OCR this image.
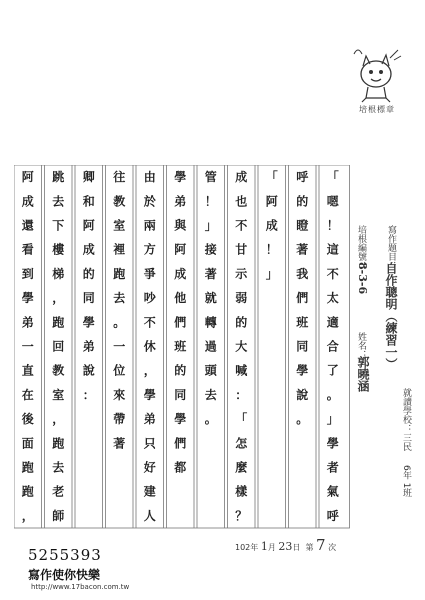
培根標章
「
嗯
！
這
不
太
適
合
了
。
」
學
者
氣
呼
呼
的
瞪
著
我
們
班
同
學
說
。
「
阿
成
！
」
成
也
不
甘
示
弱
的
大
喊
：
「
怎
麼
樣
？
管
！
」
接
著
就
轉
過
頭
去
。
學
弟
與
阿
成
他
們
班
的
同
學
們
都
由
於
兩
方
爭
吵
不
休
，
學
弟
只
好
建
人
往
教
室
裡
跑
去
。
一
位
來
帶
著
卿
和
阿
成
的
同
學
弟
說
：
跳
去
下
樓
梯
，
跑
回
教
室
，
跑
去
老
師
阿
成
還
看
到
學
弟
一
直
在
後
面
跑
跑
，
培根編號：
8-3-6
姓名：
郭曉涵
寫作題目：
自作聰明（練習一）
就讀學校：三民
6年 1班
102年 1月 23日 第 7 次
5255393
寫作使你快樂
http://www.17bacon.com.tw
